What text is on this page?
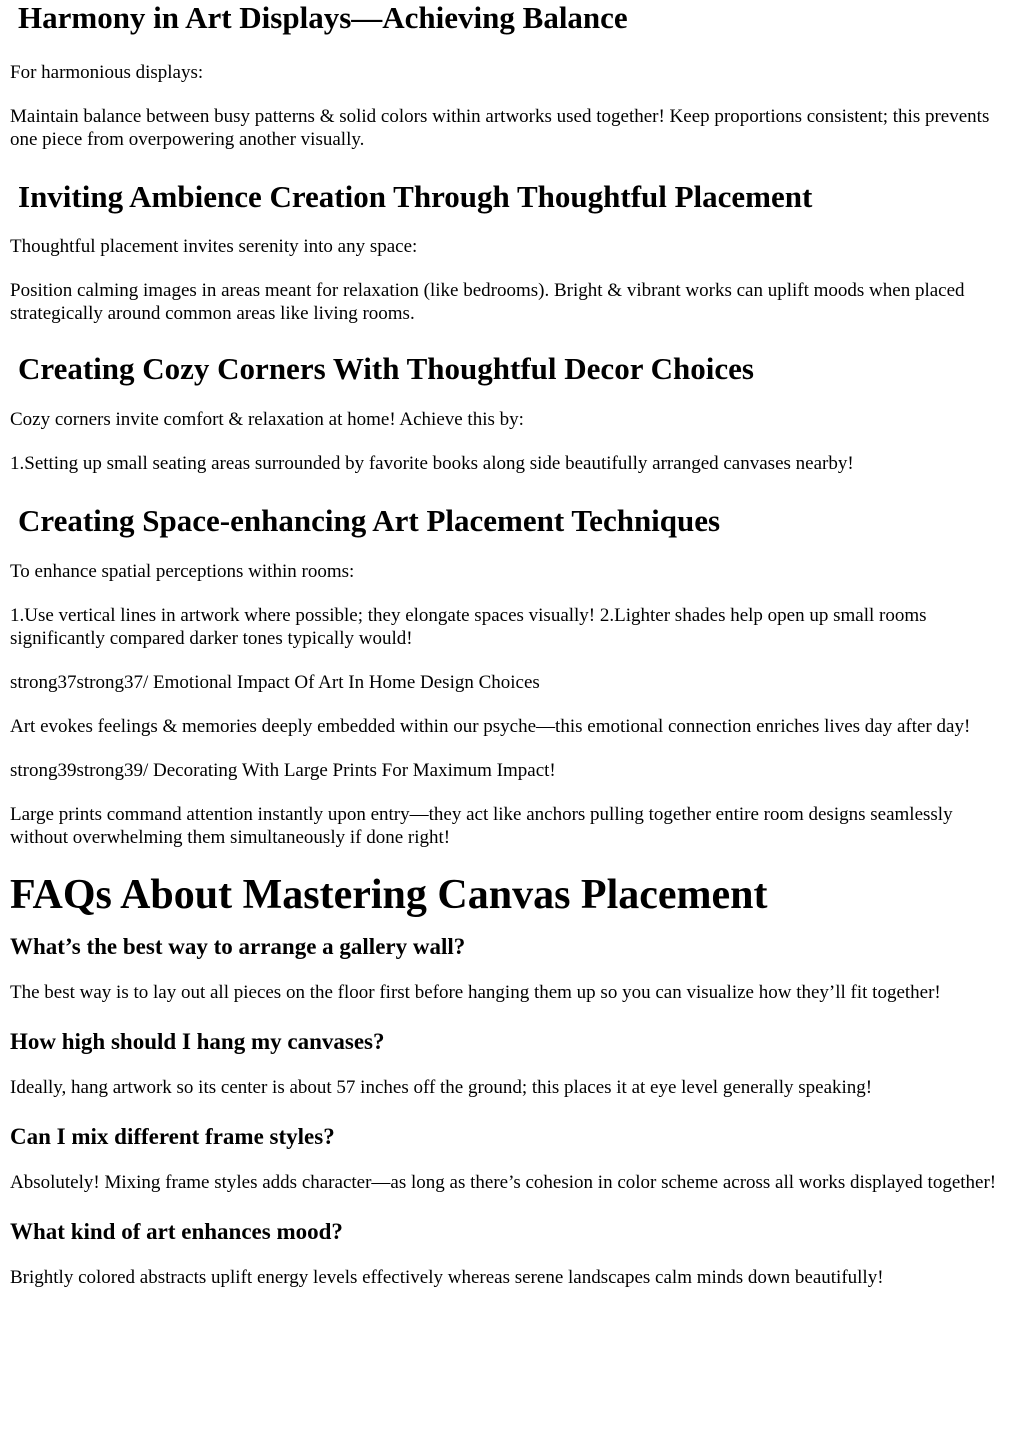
Harmony in Art Displays—Achieving Balance

For harmonious displays:

Maintain balance between busy patterns & solid colors within artworks used together! Keep proportions consistent; this prevents one piece from overpowering another visually.

Inviting Ambience Creation Through Thoughtful Placement

Thoughtful placement invites serenity into any space:

Position calming images in areas meant for relaxation (like bedrooms). Bright & vibrant works can uplift moods when placed strategically around common areas like living rooms.

Creating Cozy Corners With Thoughtful Decor Choices

Cozy corners invite comfort & relaxation at home! Achieve this by:

1.Setting up small seating areas surrounded by favorite books along side beautifully arranged canvases nearby!

Creating Space-enhancing Art Placement Techniques

To enhance spatial perceptions within rooms:

1.Use vertical lines in artwork where possible; they elongate spaces visually! 2.Lighter shades help open up small rooms significantly compared darker tones typically would!

strong37strong37/ Emotional Impact Of Art In Home Design Choices

Art evokes feelings & memories deeply embedded within our psyche—this emotional connection enriches lives day after day!

strong39strong39/ Decorating With Large Prints For Maximum Impact!

Large prints command attention instantly upon entry—they act like anchors pulling together entire room designs seamlessly without overwhelming them simultaneously if done right!

FAQs About Mastering Canvas Placement
What’s the best way to arrange a gallery wall?

The best way is to lay out all pieces on the floor first before hanging them up so you can visualize how they’ll fit together!

How high should I hang my canvases?

Ideally, hang artwork so its center is about 57 inches off the ground; this places it at eye level generally speaking!

Can I mix different frame styles?

Absolutely! Mixing frame styles adds character—as long as there’s cohesion in color scheme across all works displayed together!

What kind of art enhances mood?

Brightly colored abstracts uplift energy levels effectively whereas serene landscapes calm minds down beautifully!
